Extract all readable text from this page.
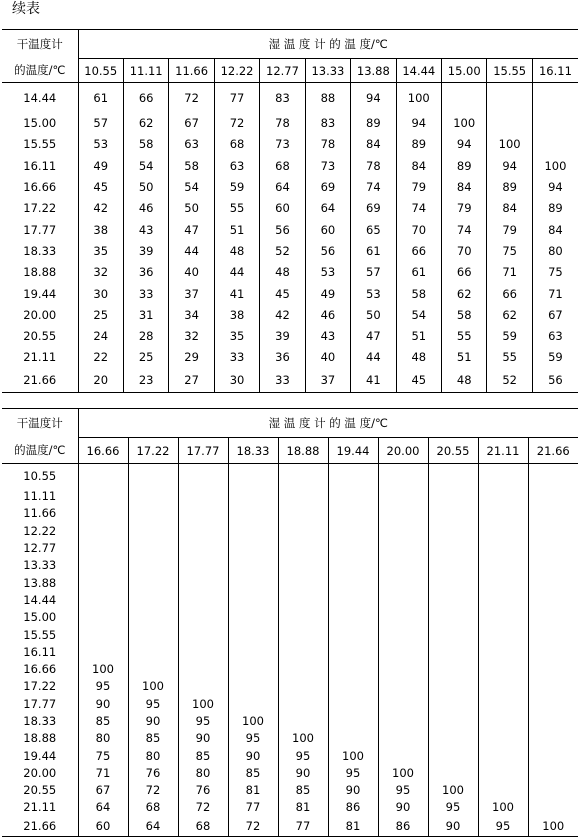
续表
干温度计	湿 温 度 计 的 温 度/℃										
的温度/℃	10.55	11.11	11.66	12.22	12.77	13.33	13.88	14.44	15.00	15.55	16.11
14.44	61	66	72	77	83	88	94	100			
15.00	57	62	67	72	78	83	89	94	100		
15.55	53	58	63	68	73	78	84	89	94	100	
16.11	49	54	58	63	68	73	78	84	89	94	100
16.66	45	50	54	59	64	69	74	79	84	89	94
17.22	42	46	50	55	60	64	69	74	79	84	89
17.77	38	43	47	51	56	60	65	70	74	79	84
18.33	35	39	44	48	52	56	61	66	70	75	80
18.88	32	36	40	44	48	53	57	61	66	71	75
19.44	30	33	37	41	45	49	53	58	62	66	71
20.00	25	31	34	38	42	46	50	54	58	62	67
20.55	24	28	32	35	39	43	47	51	55	59	63
21.11	22	25	29	33	36	40	44	48	51	55	59
21.66	20	23	27	30	33	37	41	45	48	52	56
干温度计	湿 温 度 计 的 温 度/℃									
的温度/℃	16.66	17.22	17.77	18.33	18.88	19.44	20.00	20.55	21.11	21.66
10.55										
11.11										
11.66										
12.22										
12.77										
13.33										
13.88										
14.44										
15.00										
15.55										
16.11										
16.66	100									
17.22	95	100								
17.77	90	95	100							
18.33	85	90	95	100						
18.88	80	85	90	95	100					
19.44	75	80	85	90	95	100				
20.00	71	76	80	85	90	95	100			
20.55	67	72	76	81	85	90	95	100		
21.11	64	68	72	77	81	86	90	95	100	
21.66	60	64	68	72	77	81	86	90	95	100
